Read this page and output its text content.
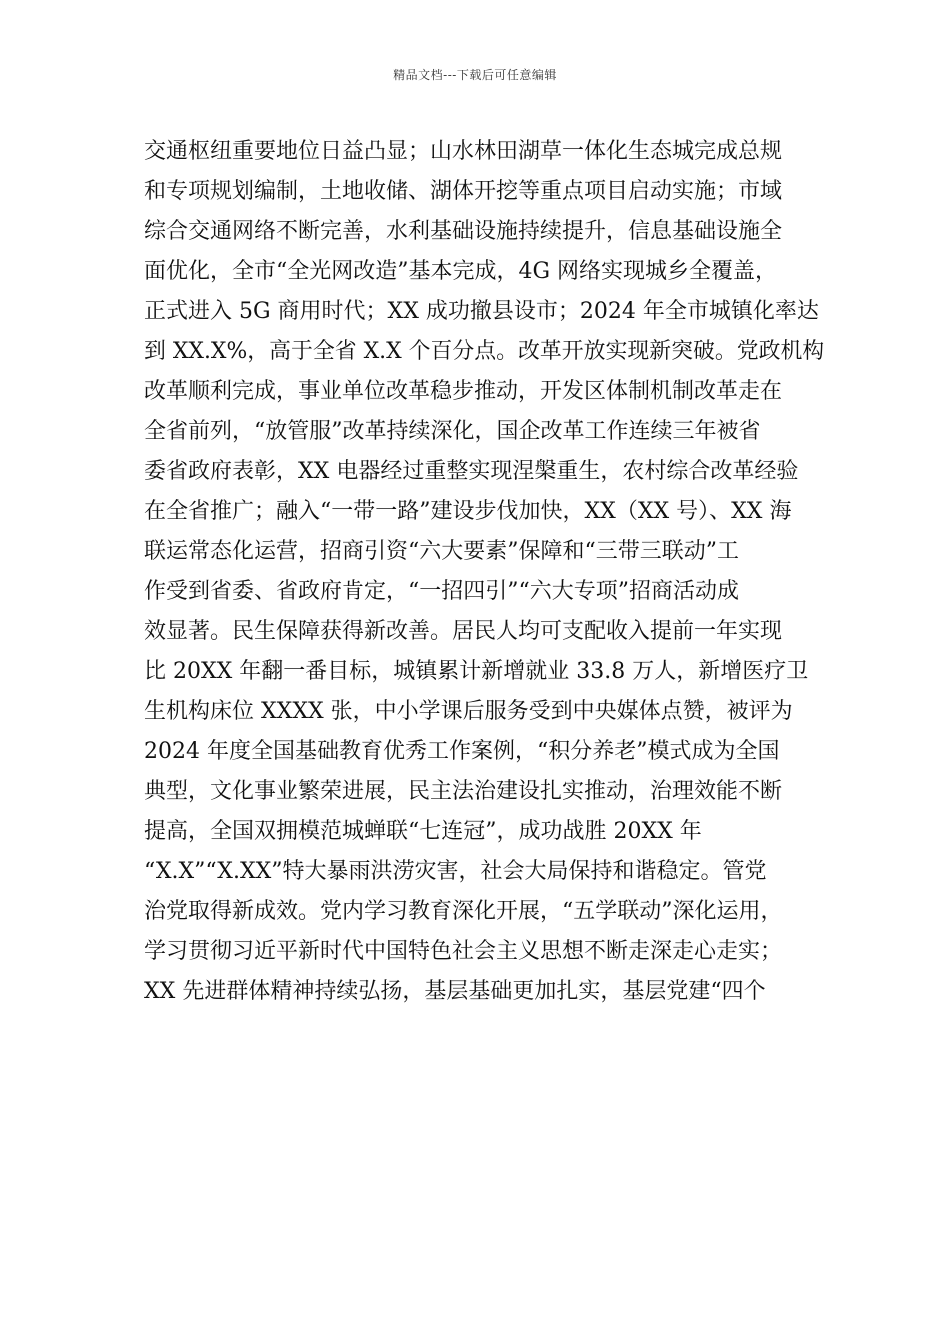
精品文档---下载后可任意编辑
交通枢纽重要地位日益凸显；山水林田湖草一体化生态城完成总规
和专项规划编制，土地收储、湖体开挖等重点项目启动实施；市域
综合交通网络不断完善，水利基础设施持续提升，信息基础设施全
面优化，全市“全光网改造”基本完成，4G 网络实现城乡全覆盖，
正式进入 5G 商用时代；XX 成功撤县设市；2024 年全市城镇化率达
到 XX.X%，高于全省 X.X 个百分点。改革开放实现新突破。党政机构
改革顺利完成，事业单位改革稳步推动，开发区体制机制改革走在
全省前列，“放管服”改革持续深化，国企改革工作连续三年被省
委省政府表彰，XX 电器经过重整实现涅槃重生，农村综合改革经验
在全省推广；融入“一带一路”建设步伐加快，XX（XX 号）、XX 海
联运常态化运营，招商引资“六大要素”保障和“三带三联动”工
作受到省委、省政府肯定，“一招四引”“六大专项”招商活动成
效显著。民生保障获得新改善。居民人均可支配收入提前一年实现
比 20XX 年翻一番目标，城镇累计新增就业 33.8 万人，新增医疗卫
生机构床位 XXXX 张，中小学课后服务受到中央媒体点赞，被评为
2024 年度全国基础教育优秀工作案例，“积分养老”模式成为全国
典型，文化事业繁荣进展，民主法治建设扎实推动，治理效能不断
提高，全国双拥模范城蝉联“七连冠”，成功战胜 20XX 年
“X.X”“X.XX”特大暴雨洪涝灾害，社会大局保持和谐稳定。管党
治党取得新成效。党内学习教育深化开展，“五学联动”深化运用，
学习贯彻习近平新时代中国特色社会主义思想不断走深走心走实；
XX 先进群体精神持续弘扬，基层基础更加扎实，基层党建“四个
